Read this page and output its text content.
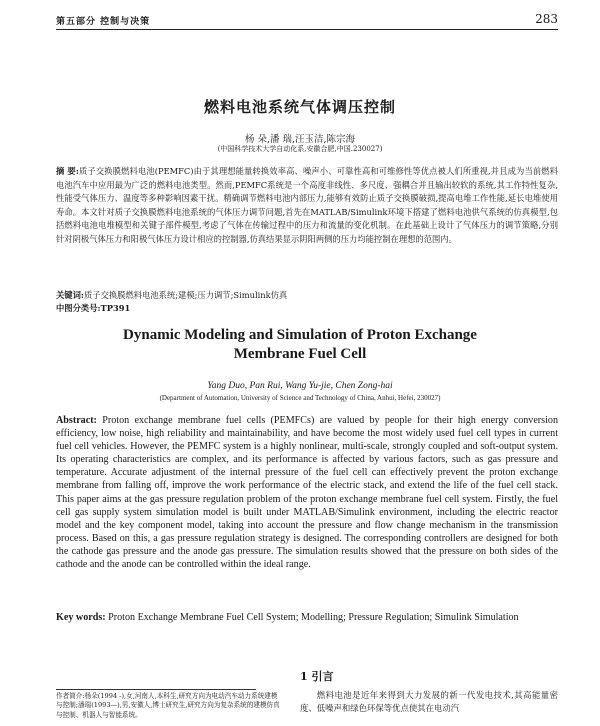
第五部分 控制与决策	283
燃料电池系统气体调压控制
杨 朵,潘 瑞,汪玉洁,陈宗海
(中国科学技术大学自动化系,安徽合肥,中国.230027)
摘 要:质子交换膜燃料电池(PEMFC)由于其理想能量转换效率高、噪声小、可靠性高和可维修性等优点被人们所重视,并且成为当前燃料电池汽车中应用最为广泛的燃料电池类型。然而,PEMFC系统是一个高度非线性、多尺度、强耦合并且输出较软的系统,其工作特性复杂,性能受气体压力、温度等多种影响因素干扰。精确调节燃料电池内部压力,能够有效防止质子交换膜破损,提高电堆工作性能,延长电堆使用寿命。本文针对质子交换膜燃料电池系统的气体压力调节问题,首先在MATLAB/Simulink环境下搭建了燃料电池供气系统的仿真模型,包括燃料电池电堆模型和关键子部件模型,考虑了气体在传输过程中的压力和流量的变化机制。在此基础上设计了气体压力的调节策略,分别针对阴极气体压力和阳极气体压力设计相应的控制器,仿真结果显示阴阳两侧的压力均能控制在理想的范围内。
关键词:质子交换膜燃料电池系统;建模;压力调节;Simulink仿真
中图分类号:TP391
Dynamic Modeling and Simulation of Proton Exchange
Membrane Fuel Cell
Yang Duo, Pan Rui, Wang Yu-jie, Chen Zong-hai
(Department of Automation, University of Science and Technology of China, Anhui, Hefei, 230027)
Abstract: Proton exchange membrane fuel cells (PEMFCs) are valued by people for their high energy conversion efficiency, low noise, high reliability and maintainability, and have become the most widely used fuel cell types in current fuel cell vehicles. However, the PEMFC system is a highly nonlinear, multi-scale, strongly coupled and soft-output system. Its operating characteristics are complex, and its performance is affected by various factors, such as gas pressure and temperature. Accurate adjustment of the internal pressure of the fuel cell can effectively prevent the proton exchange membrane from falling off, improve the work performance of the electric stack, and extend the life of the fuel cell stack. This paper aims at the gas pressure regulation problem of the proton exchange membrane fuel cell system. Firstly, the fuel cell gas supply system simulation model is built under MATLAB/Simulink environment, including the electric reactor model and the key component model, taking into account the pressure and flow change mechanism in the transmission process. Based on this, a gas pressure regulation strategy is designed. The corresponding controllers are designed for both the cathode gas pressure and the anode gas pressure. The simulation results showed that the pressure on both sides of the cathode and the anode can be controlled within the ideal range.
Key words: Proton Exchange Membrane Fuel Cell System; Modelling; Pressure Regulation; Simulink Simulation
1 引言
作者简介:杨朵(1994 -),女,河南人,本科生,研究方向为电动汽车动力系统建模与控制;潘瑞(1993—),男,安徽人,博士研究生,研究方向为复杂系统的建模仿真与控制、机器人与智能系统。
燃料电池是近年来得到大力发展的新一代发电技术,其高能量密度、低噪声和绿色环保等优点使其在电动汽
